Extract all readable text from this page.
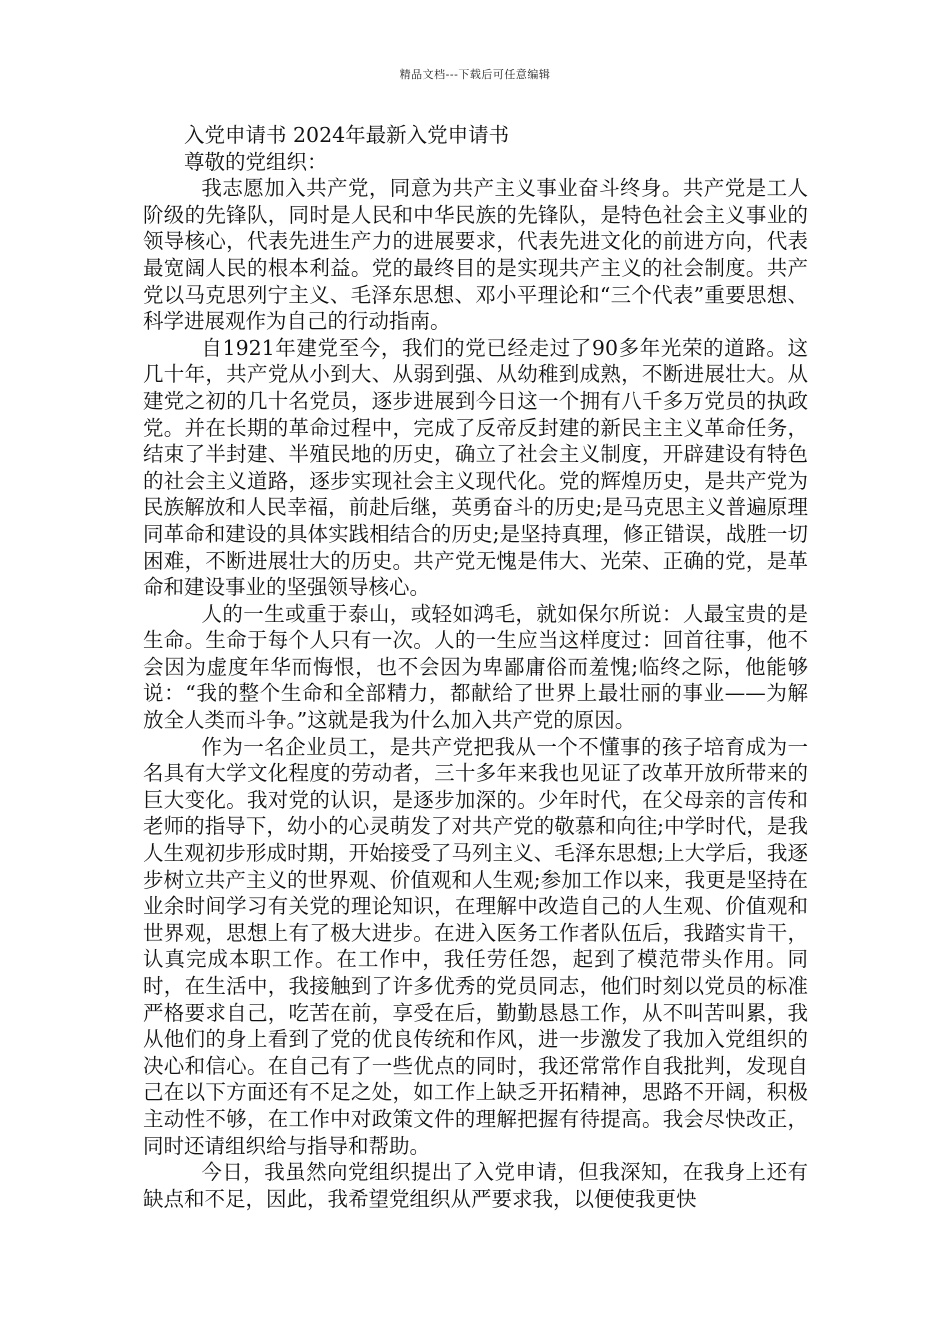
精品文档---下载后可任意编辑

入党申请书 2024年最新入党申请书

尊敬的党组织：

我志愿加入共产党，同意为共产主义事业奋斗终身。共产党是工人阶级的先锋队，同时是人民和中华民族的先锋队，是特色社会主义事业的领导核心，代表先进生产力的进展要求，代表先进文化的前进方向，代表最宽阔人民的根本利益。党的最终目的是实现共产主义的社会制度。共产党以马克思列宁主义、毛泽东思想、邓小平理论和“三个代表”重要思想、科学进展观作为自己的行动指南。

自1921年建党至今，我们的党已经走过了90多年光荣的道路。这几十年，共产党从小到大、从弱到强、从幼稚到成熟，不断进展壮大。从建党之初的几十名党员，逐步进展到今日这一个拥有八千多万党员的执政党。并在长期的革命过程中，完成了反帝反封建的新民主主义革命任务，结束了半封建、半殖民地的历史，确立了社会主义制度，开辟建设有特色的社会主义道路，逐步实现社会主义现代化。党的辉煌历史，是共产党为民族解放和人民幸福，前赴后继，英勇奋斗的历史;是马克思主义普遍原理同革命和建设的具体实践相结合的历史;是坚持真理，修正错误，战胜一切困难，不断进展壮大的历史。共产党无愧是伟大、光荣、正确的党，是革命和建设事业的坚强领导核心。

人的一生或重于泰山，或轻如鸿毛，就如保尔所说：人最宝贵的是生命。生命于每个人只有一次。人的一生应当这样度过：回首往事，他不会因为虚度年华而悔恨，也不会因为卑鄙庸俗而羞愧;临终之际，他能够说：“我的整个生命和全部精力，都献给了世界上最壮丽的事业——为解放全人类而斗争。”这就是我为什么加入共产党的原因。

作为一名企业员工，是共产党把我从一个不懂事的孩子培育成为一名具有大学文化程度的劳动者，三十多年来我也见证了改革开放所带来的巨大变化。我对党的认识，是逐步加深的。少年时代，在父母亲的言传和老师的指导下，幼小的心灵萌发了对共产党的敬慕和向往;中学时代，是我人生观初步形成时期，开始接受了马列主义、毛泽东思想;上大学后，我逐步树立共产主义的世界观、价值观和人生观;参加工作以来，我更是坚持在业余时间学习有关党的理论知识，在理解中改造自己的人生观、价值观和世界观，思想上有了极大进步。在进入医务工作者队伍后，我踏实肯干，认真完成本职工作。在工作中，我任劳任怨，起到了模范带头作用。同时，在生活中，我接触到了许多优秀的党员同志，他们时刻以党员的标准严格要求自己，吃苦在前，享受在后，勤勤恳恳工作，从不叫苦叫累，我从他们的身上看到了党的优良传统和作风，进一步激发了我加入党组织的决心和信心。在自己有了一些优点的同时，我还常常作自我批判，发现自己在以下方面还有不足之处，如工作上缺乏开拓精神，思路不开阔，积极主动性不够，在工作中对政策文件的理解把握有待提高。我会尽快改正，同时还请组织给与指导和帮助。

今日，我虽然向党组织提出了入党申请，但我深知，在我身上还有缺点和不足，因此，我希望党组织从严要求我，以便使我更快
